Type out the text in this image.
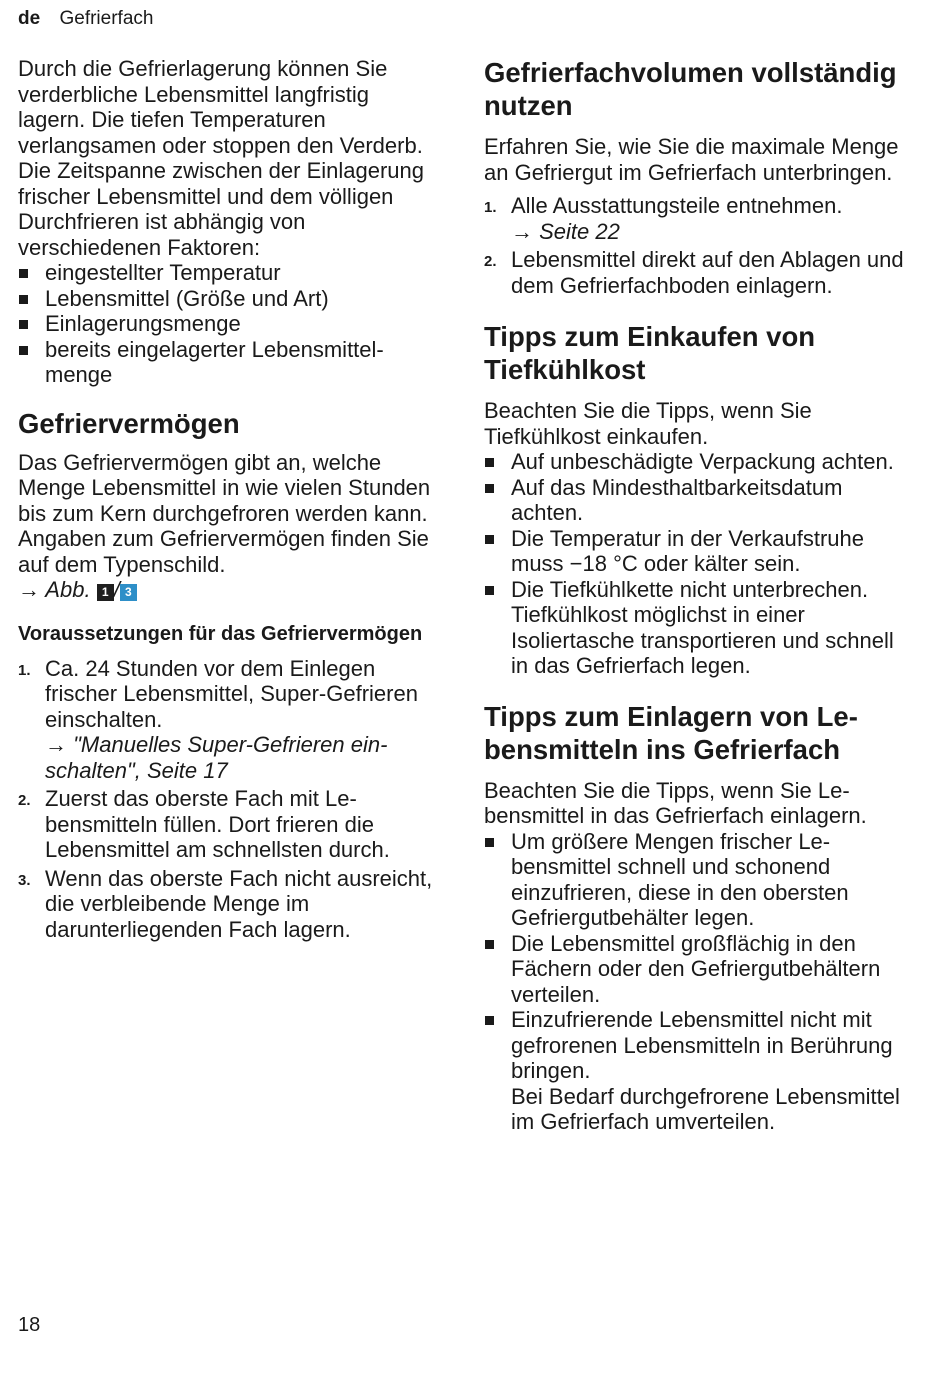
de Gefrierfach

Durch die Gefrierlagerung können Sie verderbliche Lebensmittel langfristig lagern. Die tiefen Temperaturen verlangsamen oder stoppen den Verderb.

Die Zeitspanne zwischen der Einlagerung frischer Lebensmittel und dem völligen Durchfrieren ist abhängig von verschiedenen Faktoren:

eingestellter Temperatur
Lebensmittel (Größe und Art)
Einlagerungsmenge
bereits eingelagerter Lebensmittelmenge
Gefriervermögen

Das Gefriervermögen gibt an, welche Menge Lebensmittel in wie vielen Stunden bis zum Kern durchgefroren werden kann.

Angaben zum Gefriervermögen finden Sie auf dem Typenschild.

→ Abb. 1 / 3

Voraussetzungen für das Gefriervermögen
1. Ca. 24 Stunden vor dem Einlegen frischer Lebensmittel, Super-Gefrieren einschalten.
→ "Manuelles Super-Gefrieren einschalten", Seite 17
2. Zuerst das oberste Fach mit Lebensmitteln füllen. Dort frieren die Lebensmittel am schnellsten durch.
3. Wenn das oberste Fach nicht ausreicht, die verbleibende Menge im darunterliegenden Fach lagern.
Gefrierfachvolumen vollständig nutzen

Erfahren Sie, wie Sie die maximale Menge an Gefriergut im Gefrierfach unterbringen.

1. Alle Ausstattungsteile entnehmen.
→ Seite 22
2. Lebensmittel direkt auf den Ablagen und dem Gefrierfachboden einlagern.
Tipps zum Einkaufen von Tiefkühlkost

Beachten Sie die Tipps, wenn Sie Tiefkühlkost einkaufen.

Auf unbeschädigte Verpackung achten.
Auf das Mindesthaltbarkeitsdatum achten.
Die Temperatur in der Verkaufstruhe muss −18 °C oder kälter sein.
Die Tiefkühlkette nicht unterbrechen. Tiefkühlkost möglichst in einer Isoliertasche transportieren und schnell in das Gefrierfach legen.
Tipps zum Einlagern von Lebensmitteln ins Gefrierfach

Beachten Sie die Tipps, wenn Sie Lebensmittel in das Gefrierfach einlagern.

Um größere Mengen frischer Lebensmittel schnell und schonend einzufrieren, diese in den obersten Gefriergutbehälter legen.
Die Lebensmittel großflächig in den Fächern oder den Gefriergutbehältern verteilen.
Einzufrierende Lebensmittel nicht mit gefrorenen Lebensmitteln in Berührung bringen.
Bei Bedarf durchgefrorene Lebensmittel im Gefrierfach umverteilen.
18
